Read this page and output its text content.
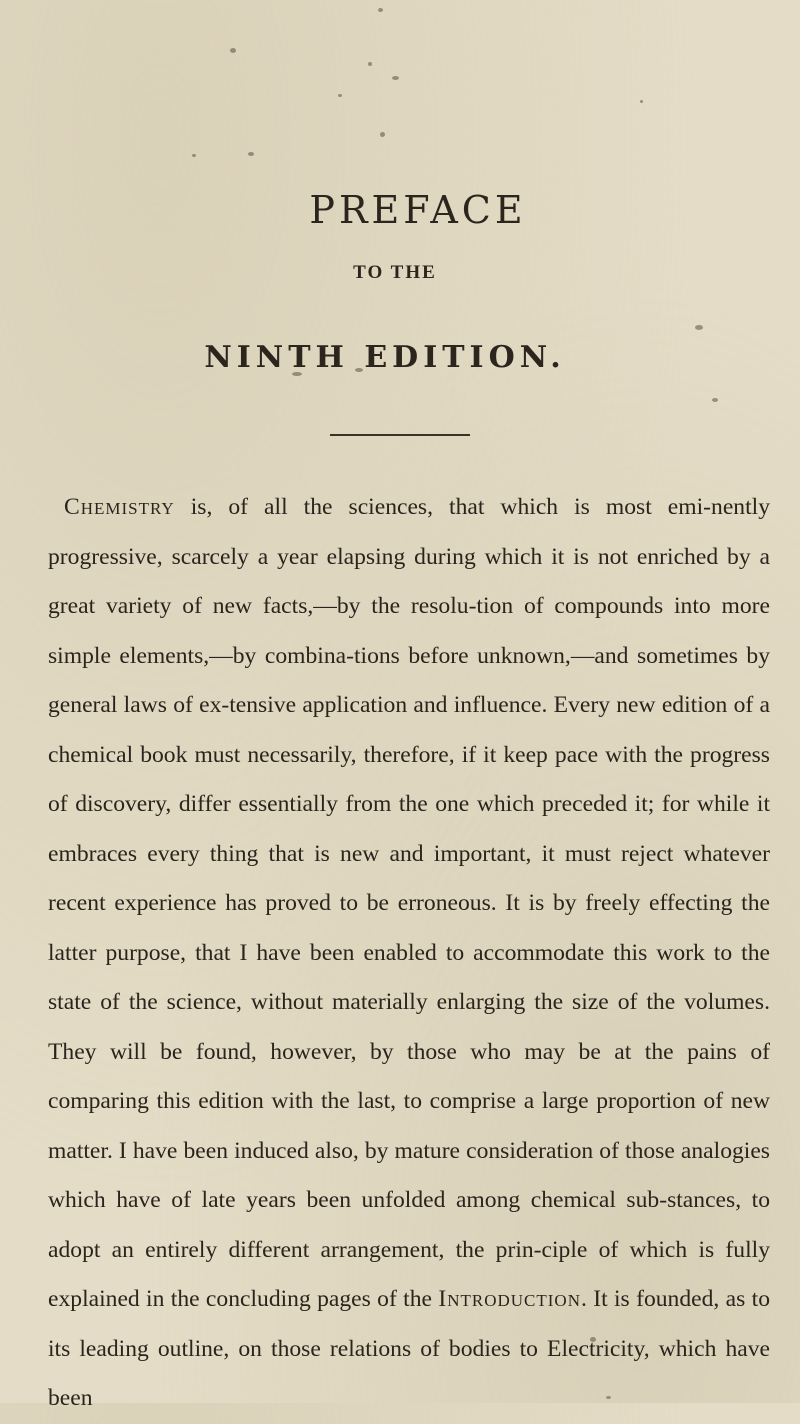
PREFACE
TO THE
NINTH EDITION.

Chemistry is, of all the sciences, that which is most emi-nently progressive, scarcely a year elapsing during which it is not enriched by a great variety of new facts,—by the resolu-tion of compounds into more simple elements,—by combina-tions before unknown,—and sometimes by general laws of ex-tensive application and influence. Every new edition of a chemical book must necessarily, therefore, if it keep pace with the progress of discovery, differ essentially from the one which preceded it; for while it embraces every thing that is new and important, it must reject whatever recent experience has proved to be erroneous. It is by freely effecting the latter purpose, that I have been enabled to accommodate this work to the state of the science, without materially enlarging the size of the volumes. They will be found, however, by those who may be at the pains of comparing this edition with the last, to comprise a large proportion of new matter. I have been induced also, by mature consideration of those analogies which have of late years been unfolded among chemical sub-stances, to adopt an entirely different arrangement, the prin-ciple of which is fully explained in the concluding pages of the Introduction. It is founded, as to its leading outline, on those relations of bodies to Electricity, which have been
